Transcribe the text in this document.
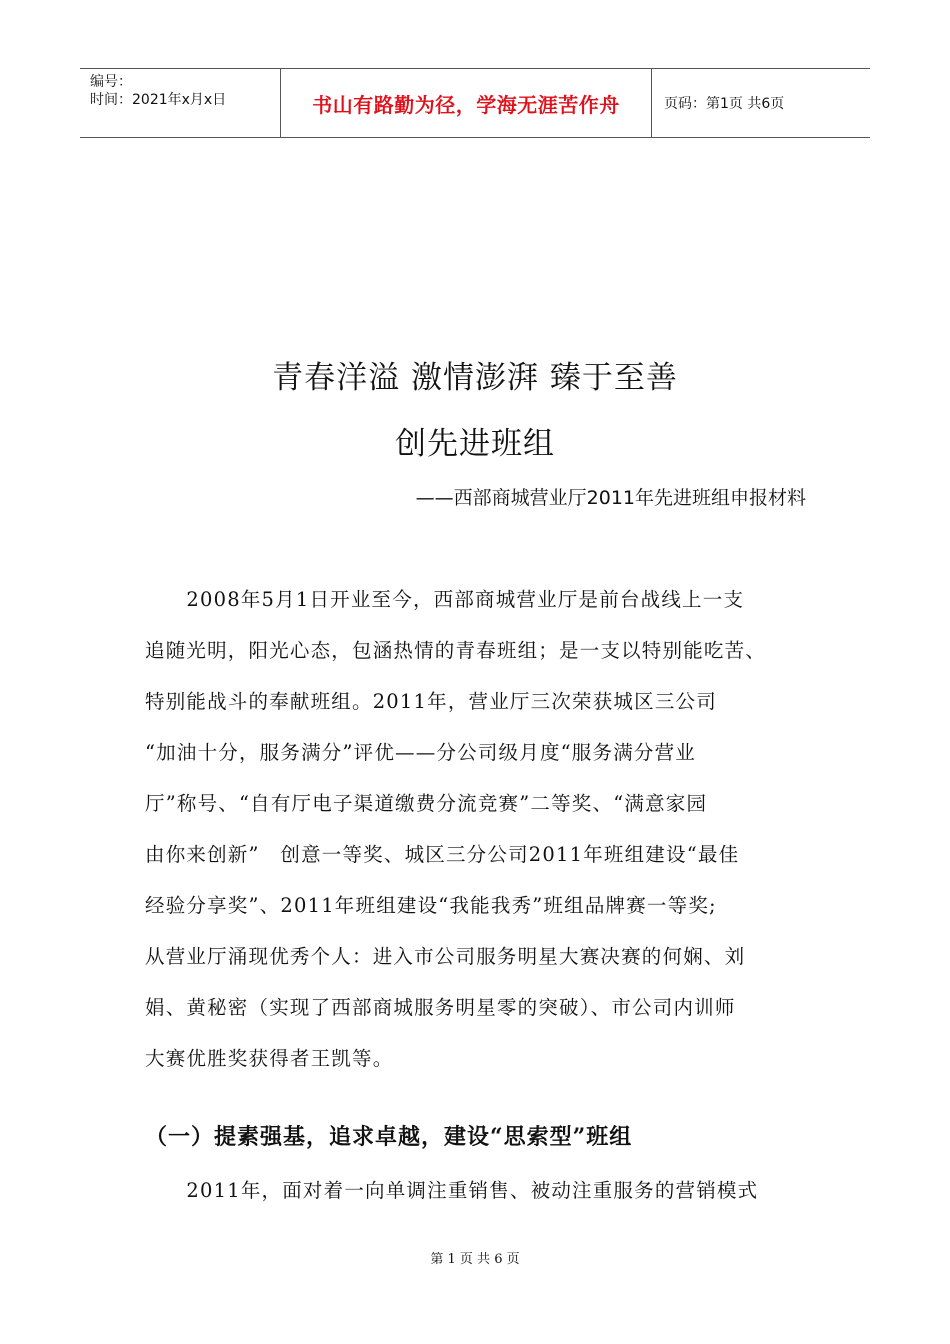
编号：
时间：2021年x月x日	书山有路勤为径，学海无涯苦作舟	页码：第1页 共6页
青春洋溢 激情澎湃 臻于至善
创先进班组
——西部商城营业厅2011年先进班组申报材料
　　2008年5月1日开业至今，西部商城营业厅是前台战线上一支
追随光明，阳光心态，包涵热情的青春班组；是一支以特别能吃苦、
特别能战斗的奉献班组。2011年，营业厅三次荣获城区三公司
“加油十分，服务满分”评优——分公司级月度“服务满分营业
厅”称号、“自有厅电子渠道缴费分流竞赛”二等奖、“满意家园
由你来创新”　创意一等奖、城区三分公司2011年班组建设“最佳
经验分享奖”、2011年班组建设“我能我秀”班组品牌赛一等奖;
从营业厅涌现优秀个人：进入市公司服务明星大赛决赛的何娴、刘
娟、黄秘密（实现了西部商城服务明星零的突破）、市公司内训师
大赛优胜奖获得者王凯等。
（一）提素强基，追求卓越，建设“思索型”班组
　　2011年，面对着一向单调注重销售、被动注重服务的营销模式
第 1 页 共 6 页
